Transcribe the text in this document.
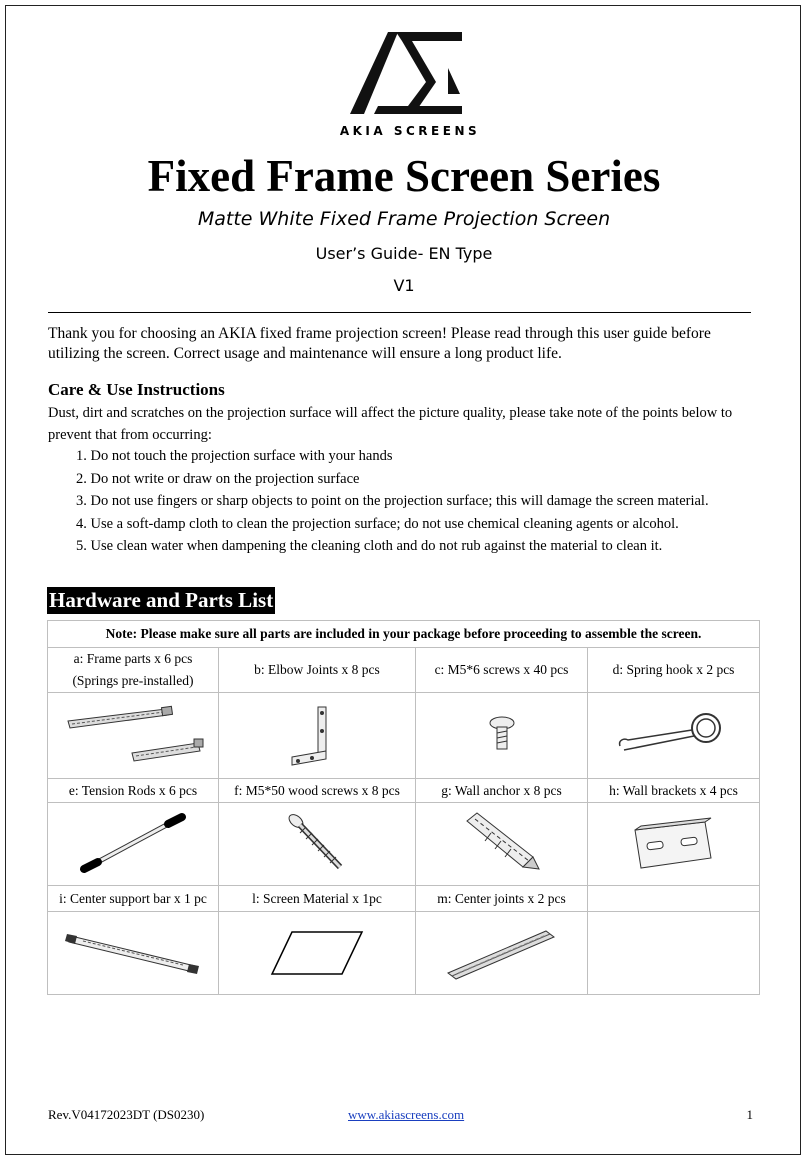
AKIA SCREENS
Fixed Frame Screen Series
Matte White Fixed Frame Projection Screen
User’s Guide- EN Type
V1
Thank you for choosing an AKIA fixed frame projection screen! Please read through this user guide before utilizing the screen. Correct usage and maintenance will ensure a long product life.
Care & Use Instructions
Dust, dirt and scratches on the projection surface will affect the picture quality, please take note of the points below to prevent that from occurring:
1. Do not touch the projection surface with your hands
2. Do not write or draw on the projection surface
3. Do not use fingers or sharp objects to point on the projection surface; this will damage the screen material.
4. Use a soft-damp cloth to clean the projection surface; do not use chemical cleaning agents or alcohol.
5. Use clean water when dampening the cleaning cloth and do not rub against the material to clean it.
Hardware and Parts List
Note: Please make sure all parts are included in your package before proceeding to assemble the screen.			

a: Frame parts x 6 pcs
(Springs pre-installed)	b: Elbow Joints x 8 pcs	c: M5*6 screws x 40 pcs	d: Spring hook x 2 pcs

e: Tension Rods x 6 pcs	f: M5*50 wood screws x 8 pcs	g: Wall anchor x 8 pcs	h: Wall brackets x 4 pcs

i: Center support bar x 1 pc	l: Screen Material x 1pc	m: Center joints x 2 pcs	

Rev.V04172023DT (DS0230)	www.akiascreens.com	1
